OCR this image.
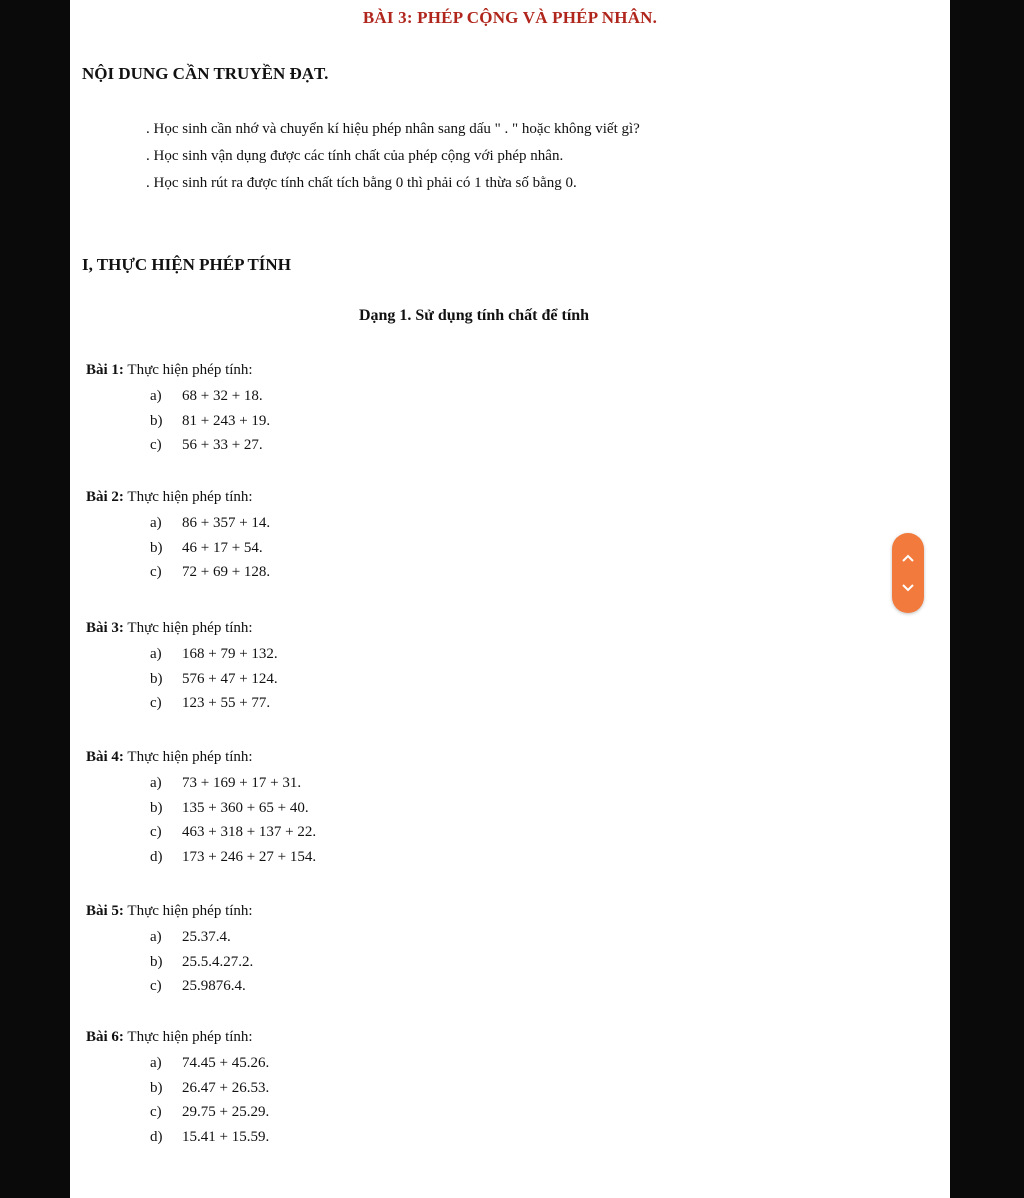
BÀI 3: PHÉP CỘNG VÀ PHÉP NHÂN.
NỘI DUNG CẦN TRUYỀN ĐẠT.
. Học sinh cần nhớ và chuyển kí hiệu phép nhân sang dấu " . " hoặc không viết gì?
. Học sinh vận dụng được các tính chất của phép cộng với phép nhân.
. Học sinh rút ra được tính chất tích bằng 0 thì phải có 1 thừa số bằng 0.
I, THỰC HIỆN PHÉP TÍNH
Dạng 1. Sử dụng tính chất để tính
Bài 1: Thực hiện phép tính:
a) 68 + 32 + 18.
b) 81 + 243 + 19.
c) 56 + 33 + 27.
Bài 2: Thực hiện phép tính:
a) 86 + 357 + 14.
b) 46 + 17 + 54.
c) 72 + 69 + 128.
Bài 3: Thực hiện phép tính:
a) 168 + 79 + 132.
b) 576 + 47 + 124.
c) 123 + 55 + 77.
Bài 4: Thực hiện phép tính:
a) 73 + 169 + 17 + 31.
b) 135 + 360 + 65 + 40.
c) 463 + 318 + 137 + 22.
d) 173 + 246 + 27 + 154.
Bài 5: Thực hiện phép tính:
a) 25.37.4.
b) 25.5.4.27.2.
c) 25.9876.4.
Bài 6: Thực hiện phép tính:
a) 74.45 + 45.26.
b) 26.47 + 26.53.
c) 29.75 + 25.29.
d) 15.41 + 15.59.
